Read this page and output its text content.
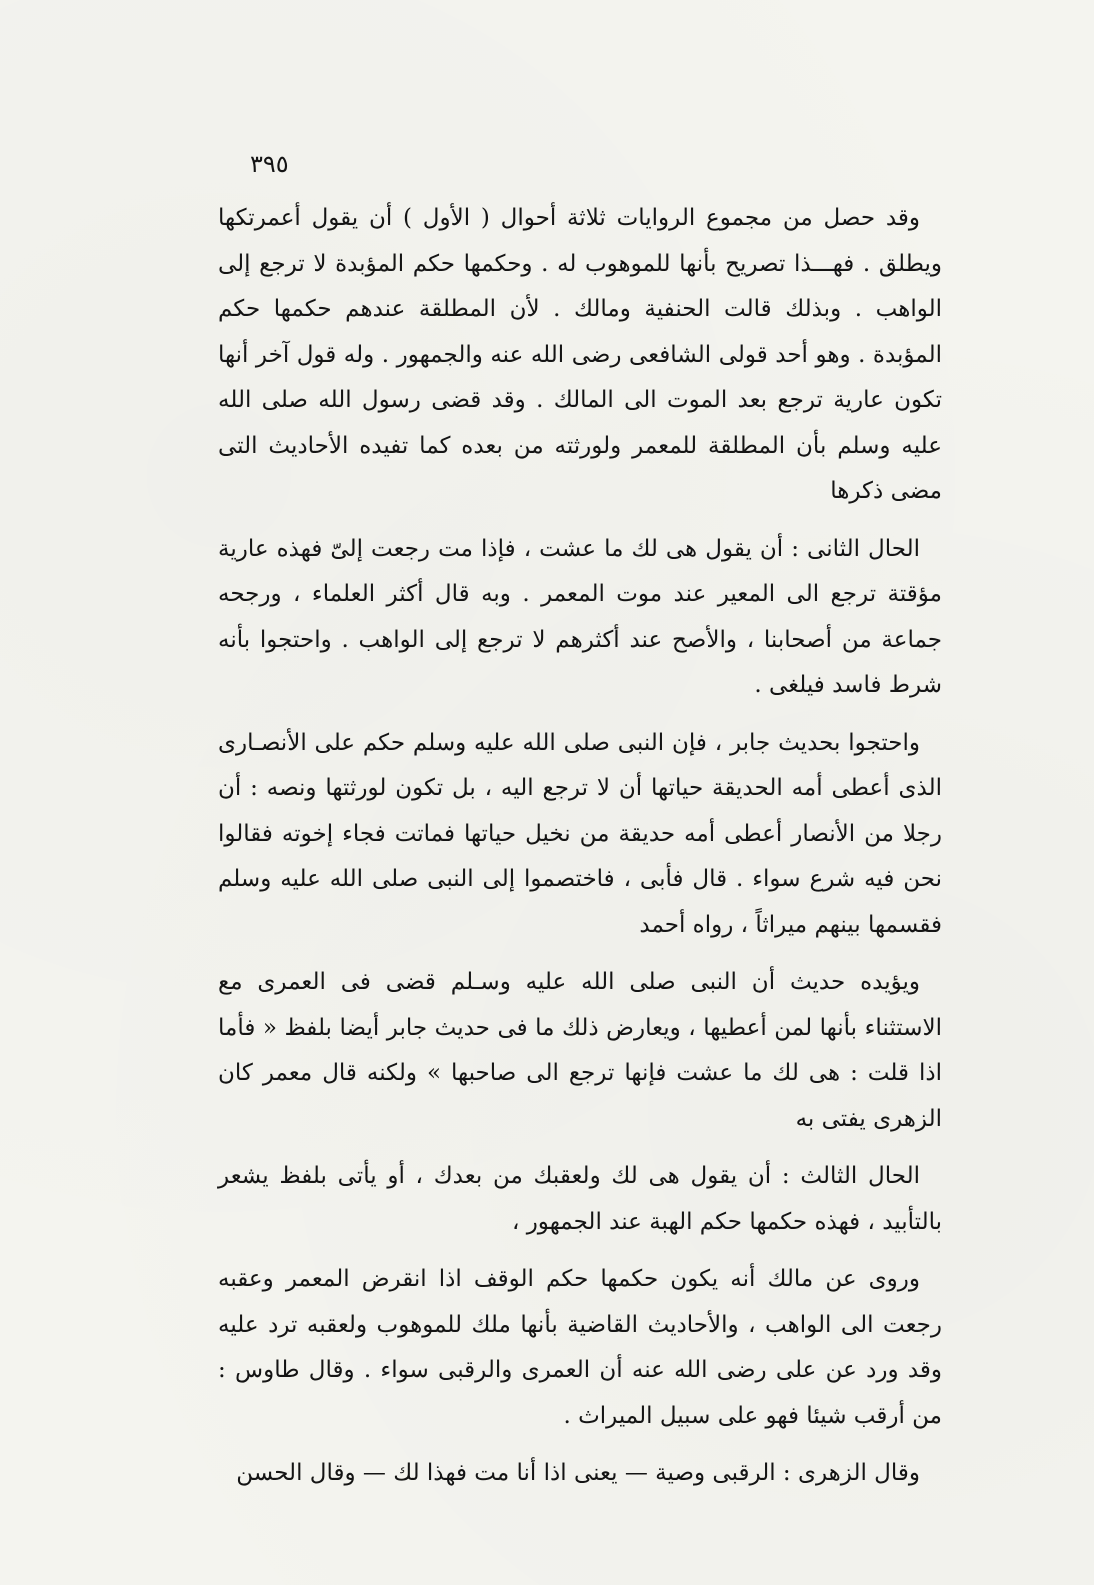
٣٩٥

وقد حصل من مجموع الروايات ثلاثة أحوال ( الأول ) أن يقول أعمرتكها ويطلق . فهـــذا تصريح بأنها للموهوب له . وحكمها حكم المؤبدة لا ترجع إلى الواهب . وبذلك قالت الحنفية ومالك . لأن المطلقة عندهم حكمها حكم المؤبدة . وهو أحد قولى الشافعى رضى الله عنه والجمهور . وله قول آخر أنها تكون عارية ترجع بعد الموت الى المالك . وقد قضى رسول الله صلى الله عليه وسلم بأن المطلقة للمعمر ولورثته من بعده كما تفيده الأحاديث التى مضى ذكرها

الحال الثانى : أن يقول هى لك ما عشت ، فإذا مت رجعت إلىّ فهذه عارية مؤقتة ترجع الى المعير عند موت المعمر . وبه قال أكثر العلماء ، ورجحه جماعة من أصحابنا ، والأصح عند أكثرهم لا ترجع إلى الواهب . واحتجوا بأنه شرط فاسد فيلغى .

واحتجوا بحديث جابر ، فإن النبى صلى الله عليه وسلم حكم على الأنصـارى الذى أعطى أمه الحديقة حياتها أن لا ترجع اليه ، بل تكون لورثتها ونصه : أن رجلا من الأنصار أعطى أمه حديقة من نخيل حياتها فماتت فجاء إخوته فقالوا نحن فيه شرع سواء . قال فأبى ، فاختصموا إلى النبى صلى الله عليه وسلم فقسمها بينهم ميراثاً ، رواه أحمد

ويؤيده حديث أن النبى صلى الله عليه وسـلم قضى فى العمرى مع الاستثناء بأنها لمن أعطيها ، ويعارض ذلك ما فى حديث جابر أيضا بلفظ « فأما اذا قلت : هى لك ما عشت فإنها ترجع الى صاحبها » ولكنه قال معمر كان الزهرى يفتى به

الحال الثالث : أن يقول هى لك ولعقبك من بعدك ، أو يأتى بلفظ يشعر بالتأبيد ، فهذه حكمها حكم الهبة عند الجمهور ،

وروى عن مالك أنه يكون حكمها حكم الوقف اذا انقرض المعمر وعقبه رجعت الى الواهب ، والأحاديث القاضية بأنها ملك للموهوب ولعقبه ترد عليه وقد ورد عن على رضى الله عنه أن العمرى والرقبى سواء . وقال طاوس : من أرقب شيئا فهو على سبيل الميراث .

وقال الزهرى : الرقبى وصية — يعنى اذا أنا مت فهذا لك — وقال الحسن
